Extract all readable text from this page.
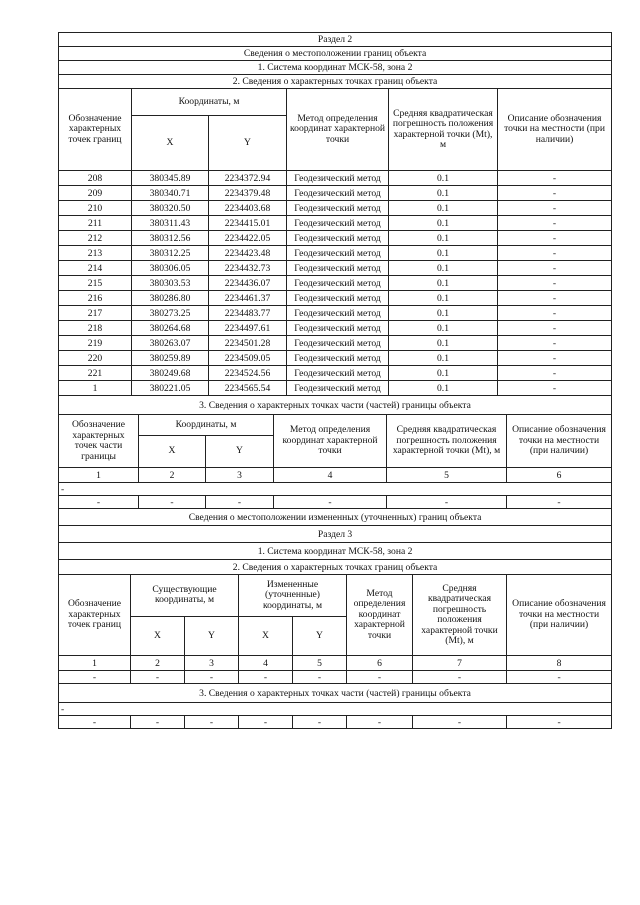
Раздел 2					
Сведения о местоположении границ объекта					
1. Система координат МСК-58, зона 2					
2. Сведения о характерных точках границ объекта					
Обозначение характерных точек границ	Координаты, м		Метод определения координат характерной точки	Средняя квадратическая погрешность положения характерной точки (Мt), м	Описание обозначения точки на местности (при наличии)
	X	Y			
208	380345.89	2234372.94	Геодезический метод	0.1	-
209	380340.71	2234379.48	Геодезический метод	0.1	-
210	380320.50	2234403.68	Геодезический метод	0.1	-
211	380311.43	2234415.01	Геодезический метод	0.1	-
212	380312.56	2234422.05	Геодезический метод	0.1	-
213	380312.25	2234423.48	Геодезический метод	0.1	-
214	380306.05	2234432.73	Геодезический метод	0.1	-
215	380303.53	2234436.07	Геодезический метод	0.1	-
216	380286.80	2234461.37	Геодезический метод	0.1	-
217	380273.25	2234483.77	Геодезический метод	0.1	-
218	380264.68	2234497.61	Геодезический метод	0.1	-
219	380263.07	2234501.28	Геодезический метод	0.1	-
220	380259.89	2234509.05	Геодезический метод	0.1	-
221	380249.68	2234524.56	Геодезический метод	0.1	-
1	380221.05	2234565.54	Геодезический метод	0.1	-
3. Сведения о характерных точках части (частей) границы объекта					
Обозначение характерных точек части границы	Координаты, м		Метод определения координат характерной точки	Средняя квадратическая погрешность положения характерной точки (Мt), м	Описание обозначения точки на местности (при наличии)
	X	Y			
1	2	3	4	5	6
-					
-	-	-	-	-	-
Сведения о местоположении измененных (уточненных) границ объекта							
Раздел 3							
1. Система координат МСК-58, зона 2							
2. Сведения о характерных точках границ объекта							
Обозначение характерных точек границ	Существующие координаты, м		Измененные (уточненные) координаты, м		Метод определения координат характерной точки	Средняя квадратическая погрешность положения характерной точки (Мt), м	Описание обозначения точки на местности (при наличии)
	X	Y	X	Y			
1	2	3	4	5	6	7	8
-	-	-	-	-	-	-	-
3. Сведения о характерных точках части (частей) границы объекта							
-							
-	-	-	-	-	-	-	-
